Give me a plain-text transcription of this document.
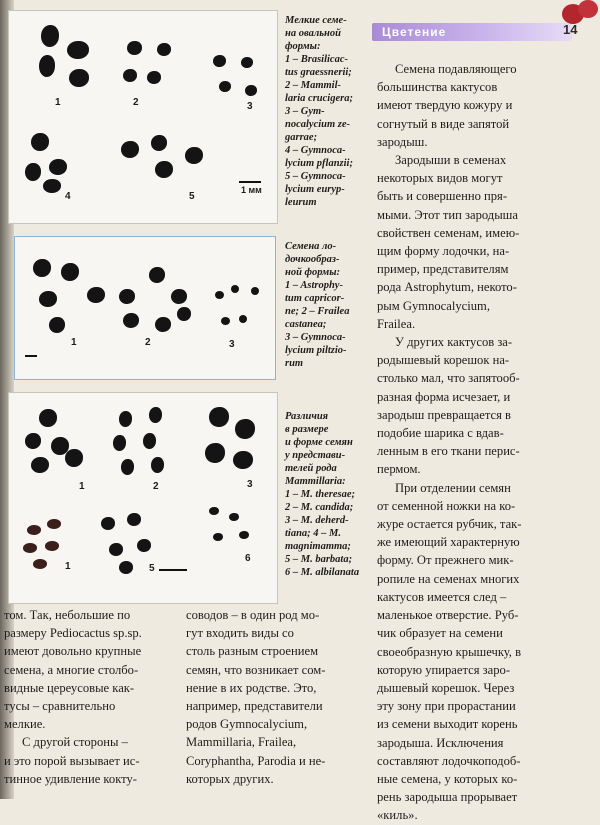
1	2	3
4	5
1 мм
1	2	3
1	2	3
1	5
6

Мелкие семе-

на овальной

формы:

1 – Brasilicac-

tus graessnerii;

2 – Mammil-

laria crucigera;

3 – Gym-

nocalycium ze-

garrae;

4 – Gymnoca-

lycium pflanzii;

5 – Gymnoca-

lycium euryp-

leurum

Семена ло-

дочкообраз-

ной формы:

1 – Astrophy-

tum capricor-

ne; 2 – Frailea

castanea;

3 – Gymnoca-

lycium piltzio-

rum

Различия

в размере

и форме семян

у представи-

телей рода

Mammillaria:

1 – M. theresae;

2 – M. candida;

3 – M. deherd-

tiana; 4 – M.

magnimamma;

5 – M. barbata;

6 – M. albilanata

Цветение	14

Семена подавляющего

большинства кактусов

имеют твердую кожуру и

согнутый в виде запятой

зародыш.

Зародыши в семенах

некоторых видов могут

быть и совершенно пря-

мыми. Этот тип зародыша

свойствен семенам, имею-

щим форму лодочки, на-

пример, представителям

рода Astrophytum, некото-

рым Gymnocalycium,

Frailea.

У других кактусов за-

родышевый корешок на-

столько мал, что запятооб-

разная форма исчезает, и

зародыш превращается в

подобие шарика с вдав-

ленным в его ткани периc-

пермом.

При отделении семян

от семенной ножки на ко-

журе остается рубчик, так-

же имеющий характерную

форму. От прежнего мик-

ропиле на семенах многих

кактусов имеется след –

маленькое отверстие. Руб-

чик образует на семени

своеобразную крышечку, в

которую упирается заро-

дышевый корешок. Через

эту зону при прорастании

из семени выходит корень

зародыша. Исключения

составляют лодочкоподоб-

ные семена, у которых ко-

рень зародыша прорывает

«киль».

том. Так, небольшие по

размеру Pediocactus sp.sp.

имеют довольно крупные

семена, а многие столбо-

видные цереусовые как-

тусы – сравнительно

мелкие.

С другой стороны –

и это порой вызывает ис-

тинное удивление кокту-

соводов – в один род мо-

гут входить виды со

столь разным строением

семян, что возникает сом-

нение в их родстве. Это,

например, представители

родов Gymnocalycium,

Mammillaria, Frailea,

Coryphantha, Parodia и не-

которых других.
